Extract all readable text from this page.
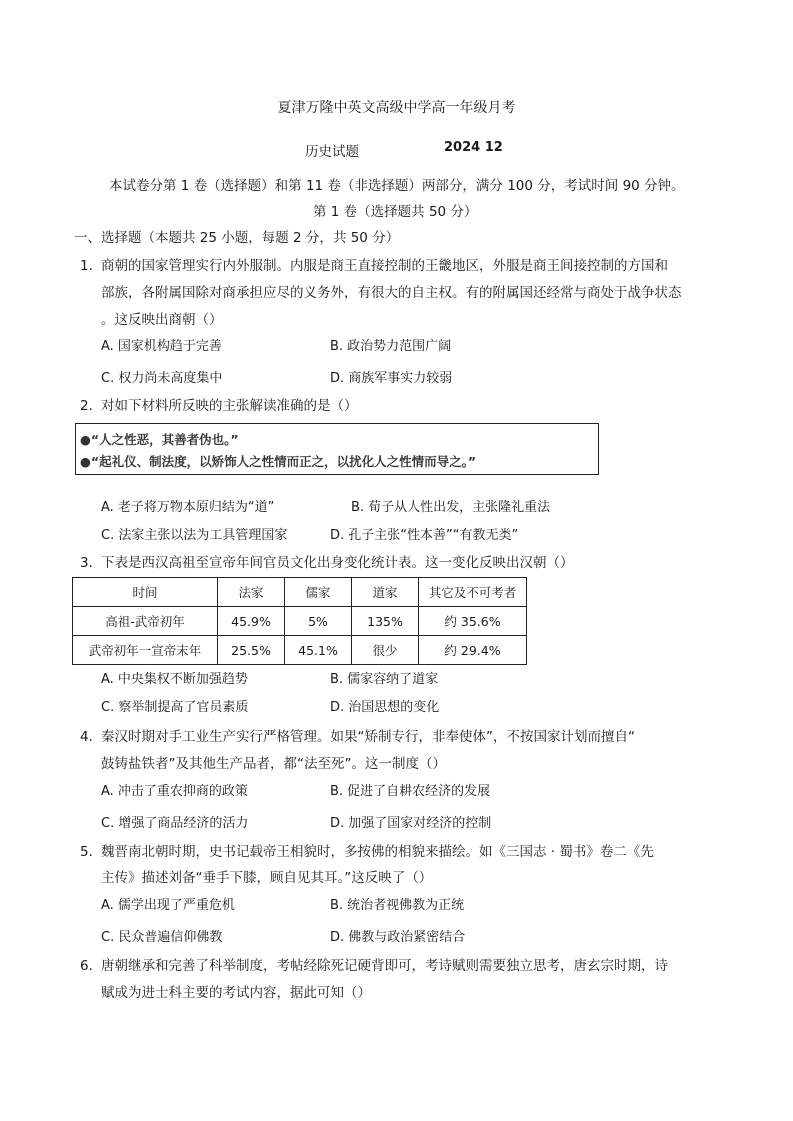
夏津万隆中英文高级中学高一年级月考
历史试题	2024 12
本试卷分第 1 卷（选择题）和第 11 卷（非选择题）两部分，满分 100 分，考试时间 90 分钟。
第 1 卷（选择题共 50 分）
一、选择题（本题共 25 小题，每题 2 分，共 50 分）
1．
商朝的国家管理实行内外服制。内服是商王直接控制的王畿地区，外服是商王间接控制的方国和
部族，各附属国除对商承担应尽的义务外，有很大的自主权。有的附属国还经常与商处于战争状态
。这反映出商朝（）
A. 国家机构趋于完善	B. 政治势力范围广阔
C. 权力尚未高度集中	D. 商族军事实力较弱
2．
对如下材料所反映的主张解读准确的是（）
●“人之性恶，其善者伪也。”
●“起礼仪、制法度，以矫饰人之性情而正之，以扰化人之性情而导之。”
A. 老子将万物本原归结为“道”	B. 荀子从人性出发，主张隆礼重法
C. 法家主张以法为工具管理国家	D. 孔子主张“性本善”“有教无类”
3．
下表是西汉高祖至宣帝年间官员文化出身变化统计表。这一变化反映出汉朝（）
时间	法家	儒家	道家	其它及不可考者
高祖-武帝初年	45.9%	5%	135%	约 35.6%
武帝初年一宣帝末年	25.5%	45.1%	很少	约 29.4%
A. 中央集权不断加强趋势	B. 儒家容纳了道家
C. 察举制提高了官员素质	D. 治国思想的变化
4．
秦汉时期对手工业生产实行严格管理。如果“矫制专行，非奉使体”，不按国家计划而擅自“
鼓铸盐铁者”及其他生产品者，都“法至死”。这一制度（）
A. 冲击了重农抑商的政策	B. 促进了自耕农经济的发展
C. 增强了商品经济的活力	D. 加强了国家对经济的控制
5．
魏晋南北朝时期，史书记载帝王相貌时，多按佛的相貌来描绘。如《三国志 · 蜀书》卷二《先
主传》描述刘备“垂手下膝，顾自见其耳。”这反映了（）
A. 儒学出现了严重危机	B. 统治者视佛教为正统
C. 民众普遍信仰佛教	D. 佛教与政治紧密结合
6．
唐朝继承和完善了科举制度，考帖经除死记硬背即可，考诗赋则需要独立思考，唐玄宗时期，诗
赋成为进士科主要的考试内容，据此可知（）
